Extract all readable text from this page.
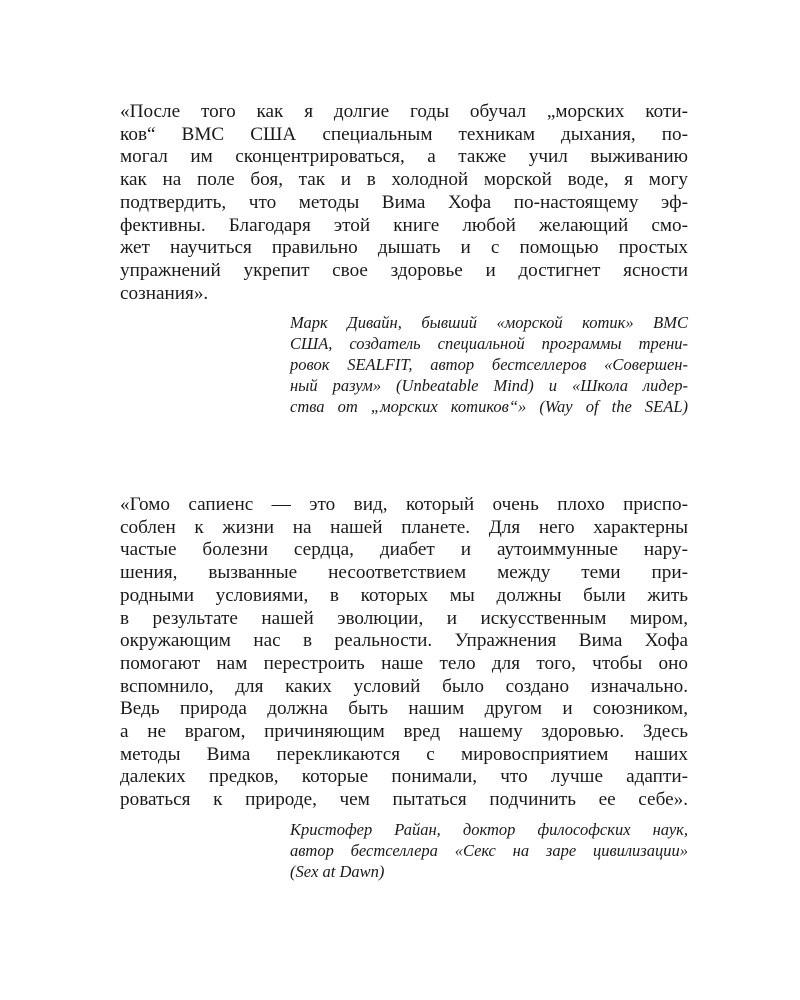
«После того как я долгие годы обучал „морских коти-
ков“ ВМС США специальным техникам дыхания, по-
могал им сконцентрироваться, а также учил выживанию
как на поле боя, так и в холодной морской воде, я могу
подтвердить, что методы Вима Хофа по-настоящему эф-
фективны. Благодаря этой книге любой желающий смо-
жет научиться правильно дышать и с помощью простых
упражнений укрепит свое здоровье и достигнет ясности
сознания».

Марк Дивайн, бывший «морской котик» ВМС
США, создатель специальной программы трени-
ровок SEALFIT, автор бестселлеров «Совершен-
ный разум» (Unbeatable Mind) и «Школа лидер-
ства от „морских котиков“» (Way of the SEAL)

«Гомо сапиенс — это вид, который очень плохо приспо-
соблен к жизни на нашей планете. Для него характерны
частые болезни сердца, диабет и аутоиммунные нару-
шения, вызванные несоответствием между теми при-
родными условиями, в которых мы должны были жить
в результате нашей эволюции, и искусственным миром,
окружающим нас в реальности. Упражнения Вима Хофа
помогают нам перестроить наше тело для того, чтобы оно
вспомнило, для каких условий было создано изначально.
Ведь природа должна быть нашим другом и союзником,
а не врагом, причиняющим вред нашему здоровью. Здесь
методы Вима перекликаются с мировосприятием наших
далеких предков, которые понимали, что лучше адапти-
роваться к природе, чем пытаться подчинить ее себе».

Кристофер Райан, доктор философских наук,
автор бестселлера «Секс на заре цивилизации»
(Sex at Dawn)
